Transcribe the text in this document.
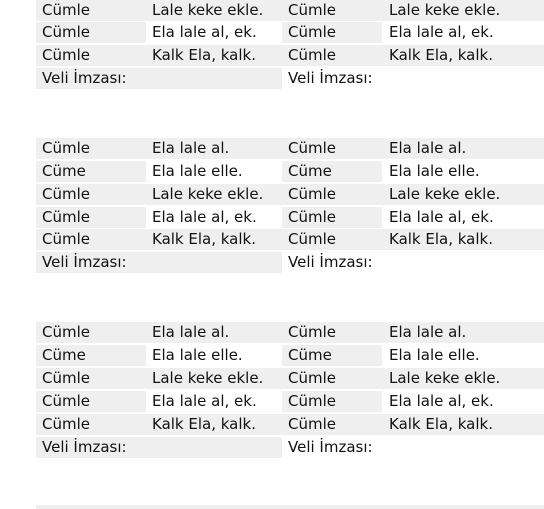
Cümle	Lale keke ekle.	Cümle	Lale keke ekle.
Cümle	Ela lale al, ek.	Cümle	Ela lale al, ek.
Cümle	Kalk Ela, kalk.	Cümle	Kalk Ela, kalk.
Veli İmzası:	Veli İmzası:
Cümle	Ela lale al.	Cümle	Ela lale al.
Cüme	Ela lale elle.	Cüme	Ela lale elle.
Cümle	Lale keke ekle.	Cümle	Lale keke ekle.
Cümle	Ela lale al, ek.	Cümle	Ela lale al, ek.
Cümle	Kalk Ela, kalk.	Cümle	Kalk Ela, kalk.
Veli İmzası:	Veli İmzası:
Cümle	Ela lale al.	Cümle	Ela lale al.
Cüme	Ela lale elle.	Cüme	Ela lale elle.
Cümle	Lale keke ekle.	Cümle	Lale keke ekle.
Cümle	Ela lale al, ek.	Cümle	Ela lale al, ek.
Cümle	Kalk Ela, kalk.	Cümle	Kalk Ela, kalk.
Veli İmzası:	Veli İmzası:
